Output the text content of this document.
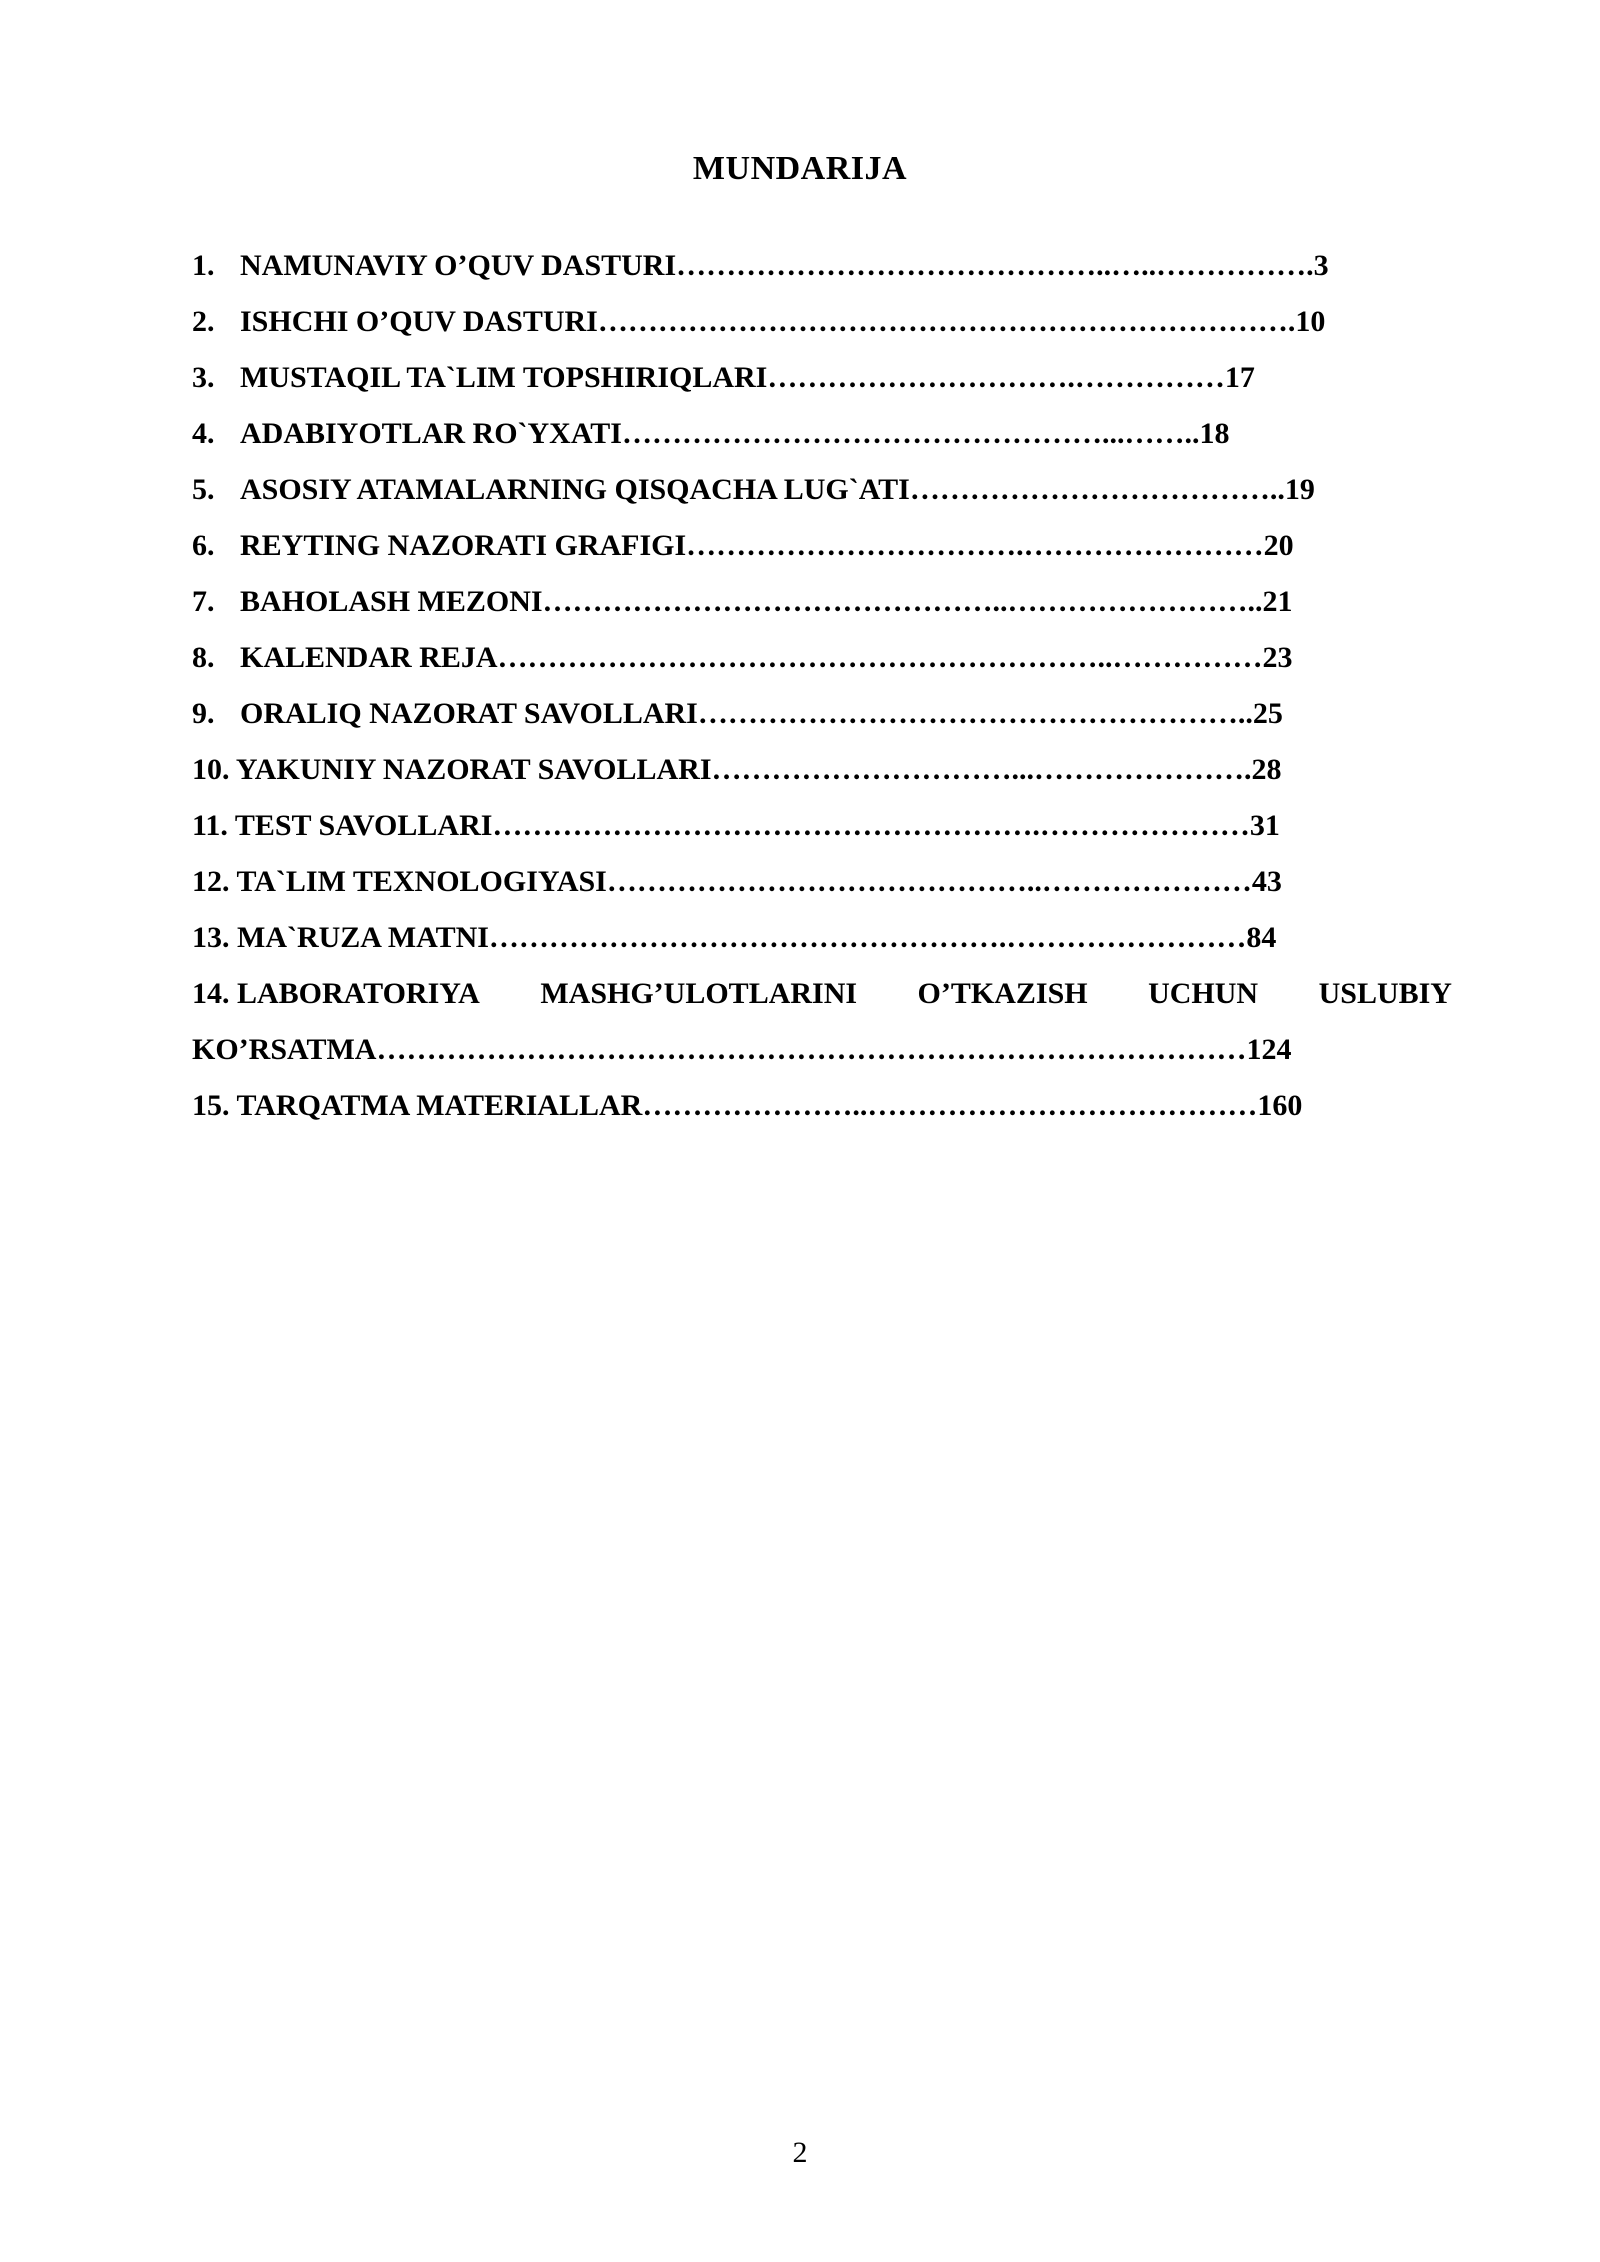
MUNDARIJA
1. NAMUNAVIY O’QUV DASTURI……………………………………..…..…………….3
2. ISHCHI O’QUV DASTURI…………………………………………………………….10
3. MUSTAQIL TA`LIM TOPSHIRIQLARI………………………….……………17
4. ADABIYOTLAR RO`YXATI…………………………………………...……..18
5. ASOSIY ATAMALARNING QISQACHA LUG`ATI………………………………..19
6. REYTING NAZORATI GRAFIGI…………………………….……………………20
7. BAHOLASH MEZONI………………………………………..……………………..21
8. KALENDAR REJA……………………………………………………..……………23
9. ORALIQ NAZORAT SAVOLLARI………………………………………………..25
10. YAKUNIY NAZORAT SAVOLLARI…………………………...………………….28
11. TEST SAVOLLARI……………………………………………….…………………31
12. TA`LIM TEXNOLOGIYASI……………………………………..…………………43
13. MA`RUZA MATNI…………………………………………….……………………84
14. LABORATORIYA MASHG’ULOTLARINI O’TKAZISH UCHUN USLUBIY
KO’RSATMA……………………………………………………………………………124
15. TARQATMA MATERIALLAR…………………..…………………………………160
2
